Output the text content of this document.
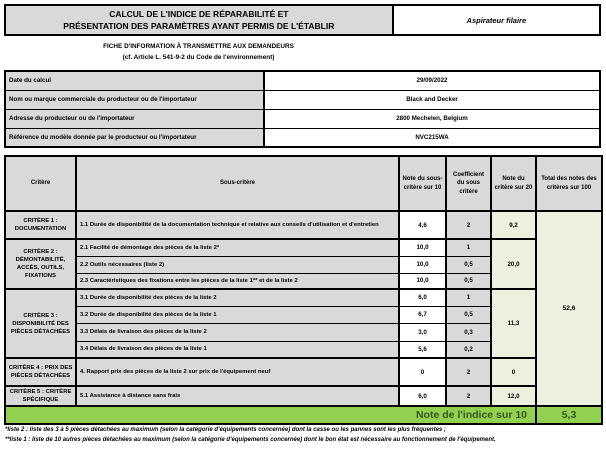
CALCUL DE L'INDICE DE RÉPARABILITÉ ET
PRÉSENTATION DES PARAMÈTRES AYANT PERMIS DE L'ÉTABLIR
	Aspirateur filaire
FICHE D'INFORMATION À TRANSMETTRE AUX DEMANDEURS
(cf. Article L. 541-9-2 du Code de l'environnement)
Date du calcul	29/09/2022
Nom ou marque commerciale du producteur ou de l'importateur	Black and Decker
Adresse du producteur ou de l'importateur	2800 Mechelen, Belgium
Référence du modèle donnée par le producteur ou l'importateur	NVC215WA
Critère	Sous-critère	Note du sous-critère sur 10	Coefficient du sous critère	Note du critère sur 20	Total des notes des critères sur 100
CRITÈRE 1 : DOCUMENTATION	1.1 Durée de disponibilité de la documentation technique et relative aux conseils d'utilisation et d'entretien	4,6	2	9,2	52,6
CRITÈRE 2 : DÉMONTABILITÉ, ACCÈS, OUTILS, FIXATIONS	2.1 Facilité de démontage des pièces de la liste 2*	10,0	1	20,0	
	2.2 Outils nécessaires (liste 2)	10,0	0,5		
	2.3 Caractéristiques des fixations entre les pièces de la liste 1** et de la liste 2	10,0	0,5		
CRITÈRE 3 : DISPONIBILITÉ DES PIÈCES DÉTACHÉES	3.1 Durée de disponibilité des pièces de la liste 2	6,0	1	11,3	
	3.2 Durée de disponibilité des pièces de la liste 1	6,7	0,5		
	3.3 Délais de livraison des pièces de la liste 2	3,0	0,3		
	3.4 Délais de livraison des pièces de la liste 1	5,6	0,2		
CRITÈRE 4 : PRIX DES PIÈCES DÉTACHÉES	4. Rapport prix des pièces de la liste 2 sur prix de l'équipement neuf	0	2	0	
CRITÈRE 5 : CRITÈRE SPÉCIFIQUE	5.1 Assistance à distance sans frais	6,0	2	12,0	
Note de l'indice sur 10					5,3
*liste 2 : liste des 3 à 5 pièces détachées au maximum (selon la catégorie d'équipements concernée) dont la casse ou les pannes sont les plus fréquentes ;
**liste 1 : liste de 10 autres pièces détachées au maximum (selon la catégorie d'équipements concernée) dont le bon état est nécessaire au fonctionnement de l'équipement.
